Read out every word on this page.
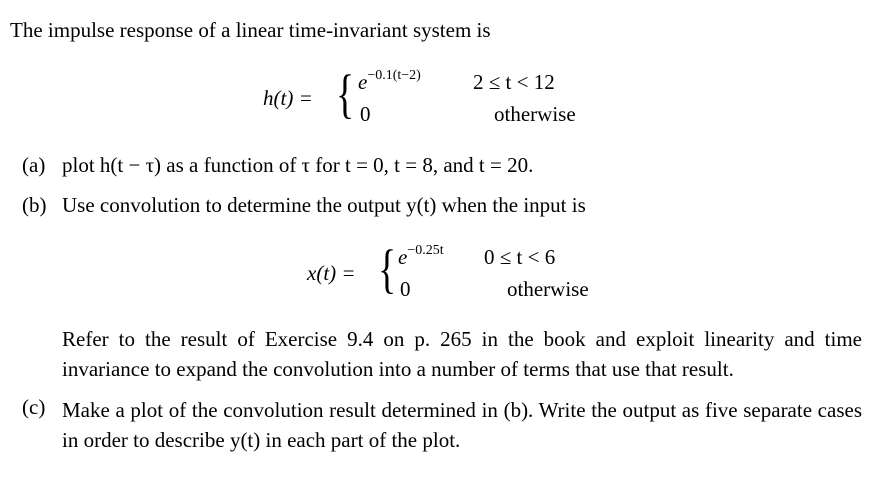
The impulse response of a linear time-invariant system is
h(t) = { $e^{-0.1(t-2)}$ 2 ≤ t < 12
0	otherwise
(a) plot h(t − τ) as a function of τ for t = 0, t = 8, and t = 20.
(b) Use convolution to determine the output y(t) when the input is
x(t) = { $e^{-0.25t}$ 0 ≤ t < 6
0	otherwise
Refer to the result of Exercise 9.4 on p. 265 in the book and exploit linearity and time invariance to expand the convolution into a number of terms that use that result.
(c) Make a plot of the convolution result determined in (b). Write the output as five separate cases in order to describe y(t) in each part of the plot.
